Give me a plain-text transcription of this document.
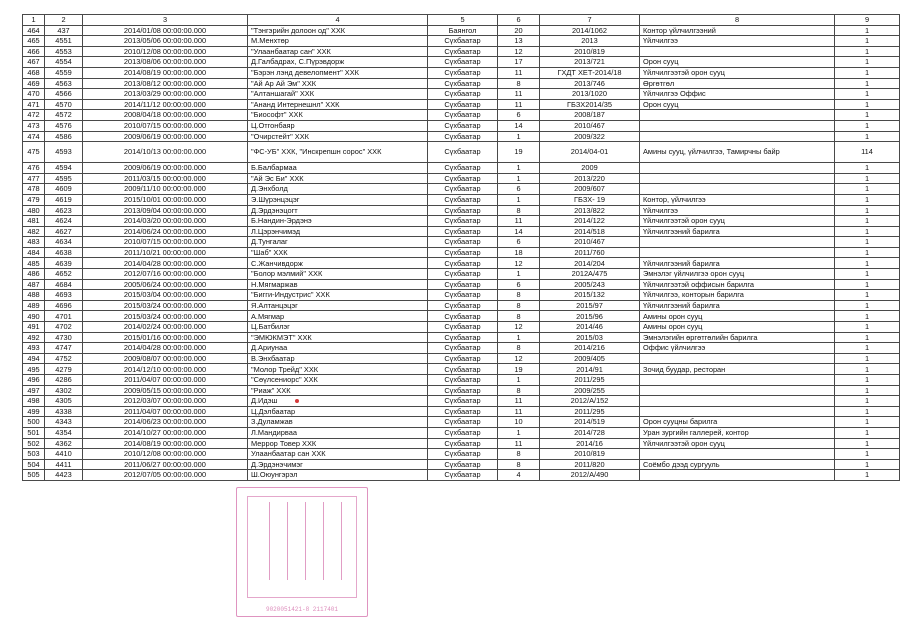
1	2	3	4	5	6	7	8	9
464	437	2014/01/08 00:00:00.000	"Тэнгэрийн долоон од" ХХК	Баянгол	20	2014/1062	Контор үйлчилгээний	1
465	4551	2013/05/06 00:00:00.000	М.Менхтөр	Сүхбаатар	13	2013	Үйлчилгээ	1
466	4553	2010/12/08 00:00:00.000	"Улаанбаатар сан" ХХК	Сүхбаатар	12	2010/819		1
467	4554	2013/08/06 00:00:00.000	Д.Галбадрах, С.Пүрэвдорж	Сүхбаатар	17	2013/721	Орон сууц	1
468	4559	2014/08/19 00:00:00.000	"Бэрэн лэнд девелопмент" ХХК	Сүхбаатар	11	ГХДТ ХЕТ-2014/18	Үйлчилгээтэй орон сууц	1
469	4563	2013/08/12 00:00:00.000	"Ай Ар Ай Эм" ХХК	Сүхбаатар	8	2013/746	Өргөтгөл	1
470	4566	2013/03/29 00:00:00.000	"Алтаншагай" ХХК	Сүхбаатар	11	2013/1020	Үйлчилгээ Оффис	1
471	4570	2014/11/12 00:00:00.000	"Ананд Интернешнл" ХХК	Сүхбаатар	11	ГБЗХ2014/35	Орон сууц	1
472	4572	2008/04/18 00:00:00.000	"Биософт" ХХК	Сүхбаатар	6	2008/187		1
473	4576	2010/07/15 00:00:00.000	Ц.Отгонбаяр	Сүхбаатар	14	2010/467		1
474	4586	2009/06/19 00:00:00.000	"Очирстейт" ХХК	Сүхбаатар	1	2009/322		1
475	4593	2014/10/13 00:00:00.000	"ФС-УБ" ХХК, "Инскрепшн сорос" ХХК	Сүхбаатар	19	2014/04-01	Амины сууц, үйлчилгээ, Тамирчны байр	114
476	4594	2009/06/19 00:00:00.000	Б.Балбармаа	Сүхбаатар	1	2009		1
477	4595	2011/03/15 00:00:00.000	"Ай Эс Би" ХХК	Сүхбаатар	1	2013/220		1
478	4609	2009/11/10 00:00:00.000	Д.Энхболд	Сүхбаатар	6	2009/607		1
479	4619	2015/10/01 00:00:00.000	Э.Шүрэнцэцэг	Сүхбаатар	1	ГБЗХ- 19	Контор, үйлчилгээ	1
480	4623	2013/09/04 00:00:00.000	Д.Эрдэнэцогт	Сүхбаатар	8	2013/822	Үйлчилгээ	1
481	4624	2014/03/20 00:00:00.000	Б.Нандин-Эрдэнэ	Сүхбаатар	11	2014/122	Үйлчилгээтэй орон сууц	1
482	4627	2014/06/24 00:00:00.000	Л.Цэрэнчимэд	Сүхбаатар	14	2014/518	Үйлчилгээний барилга	1
483	4634	2010/07/15 00:00:00.000	Д.Тунгалаг	Сүхбаатар	6	2010/467		1
484	4638	2011/10/21 00:00:00.000	"Шаб" ХХК	Сүхбаатар	18	2011/760		1
485	4639	2014/04/28 00:00:00.000	С.Жанчивдорж	Сүхбаатар	12	2014/204	Үйлчилгээний барилга	1
486	4652	2012/07/16 00:00:00.000	"Болор мэлмий" ХХК	Сүхбаатар	1	2012А/475	Эмнэлэг үйлчилгээ орон сууц	1
487	4684	2005/06/24 00:00:00.000	Н.Мягмаржав	Сүхбаатар	6	2005/243	Үйлчилгээтэй оффисын барилга	1
488	4693	2015/03/04 00:00:00.000	"Бигги-Индустрис" ХХК	Сүхбаатар	8	2015/132	Үйлчилгээ, конторын барилга	1
489	4696	2015/03/24 00:00:00.000	Я.Алтанцэцэг	Сүхбаатар	8	2015/97	Үйлчилгээний барилга	1
490	4701	2015/03/24 00:00:00.000	А.Мягмар	Сүхбаатар	8	2015/96	Амины орон сууц	1
491	4702	2014/02/24 00:00:00.000	Ц.Батбилэг	Сүхбаатар	12	2014/46	Амины орон сууц	1
492	4730	2015/01/16 00:00:00.000	"ЭМЮКМЭТ" ХХК	Сүхбаатар	1	2015/03	Эмнэлэгийн өргөтгөлийн барилга	1
493	4747	2014/04/28 00:00:00.000	Д.Ариунаа	Сүхбаатар	8	2014/216	Оффис үйлчилгээ	1
494	4752	2009/08/07 00:00:00.000	В.Энхбаатар	Сүхбаатар	12	2009/405		1
495	4279	2014/12/10 00:00:00.000	"Молор Трейд" ХХК	Сүхбаатар	19	2014/91	Зочид буудар, ресторан	1
496	4286	2011/04/07 00:00:00.000	"Сөүлсениорс" ХХК	Сүхбаатар	1	2011/295		1
497	4302	2009/05/15 00:00:00.000	"Риаж" ХХК	Сүхбаатар	8	2009/255		1
498	4305	2012/03/07 00:00:00.000	Д.Идэш	Сүхбаатар	11	2012/А/152		1
499	4338	2011/04/07 00:00:00.000	Ц.Дэлбаатар	Сүхбаатар	11	2011/295		1
500	4343	2014/06/23 00:00:00.000	З.Дуламжав	Сүхбаатар	10	2014/519	Орон сууцны барилга	1
501	4354	2014/10/27 00:00:00.000	Л.Мандирваа	Сүхбаатар	1	2014/728	Уран зургийн галлерей, контор	1
502	4362	2014/08/19 00:00:00.000	Меррор Товер ХХК	Сүхбаатар	11	2014/16	Үйлчилгээтэй орон сууц	1
503	4410	2010/12/08 00:00:00.000	Улаанбаатар сан ХХК	Сүхбаатар	8	2010/819		1
504	4411	2011/06/27 00:00:00.000	Д.Эрдэнэчимэг	Сүхбаатар	8	2011/820	Соёмбо дээд сургууль	1
505	4423	2012/07/05 00:00:00.000	Ш.Оюунгэрэл	Сүхбаатар	4	2012/А/490		1
9020051421-8 2117401
